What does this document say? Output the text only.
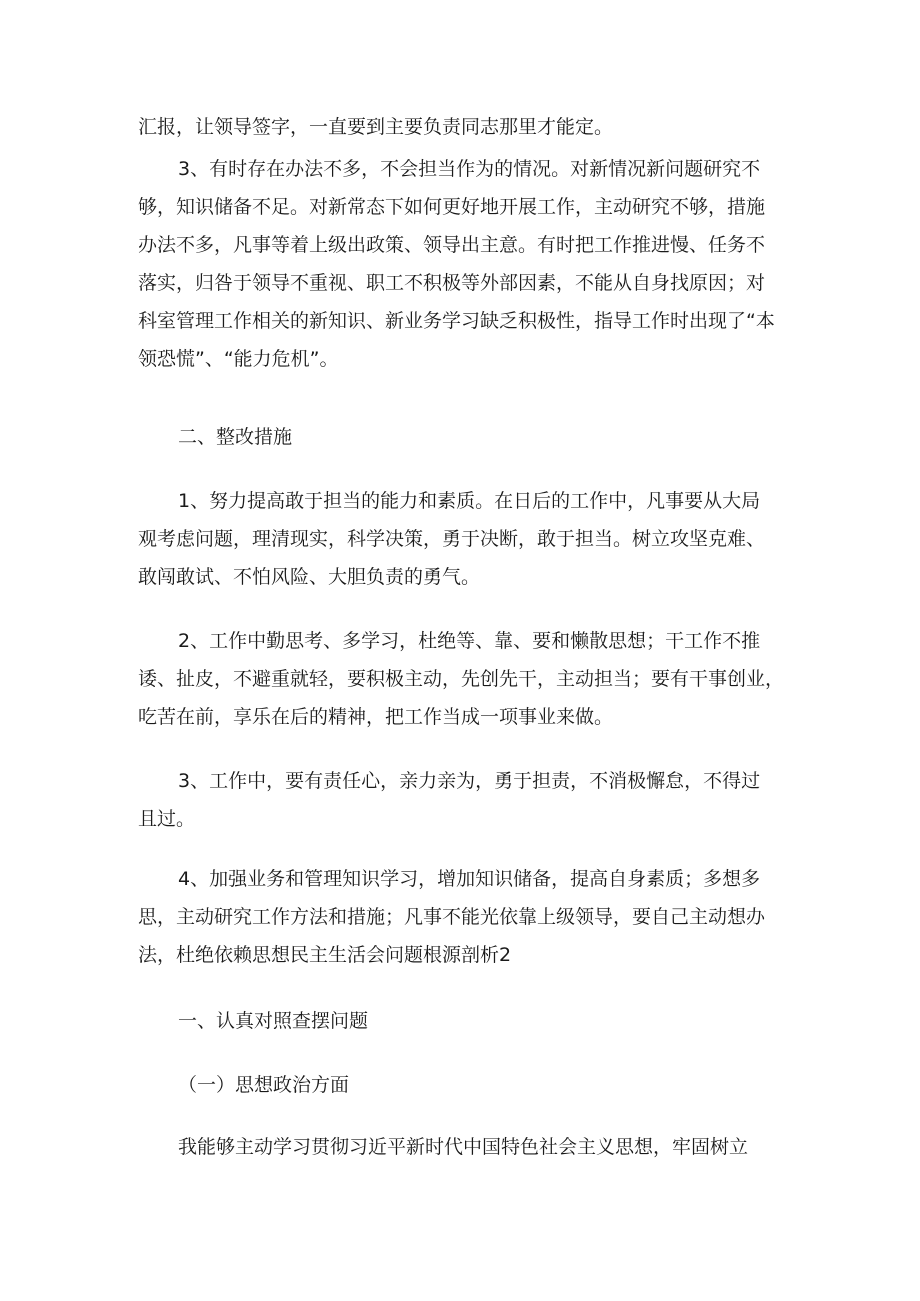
汇报，让领导签字，一直要到主要负责同志那里才能定。

3、有时存在办法不多，不会担当作为的情况。对新情况新问题研究不

够，知识储备不足。对新常态下如何更好地开展工作，主动研究不够，措施

办法不多，凡事等着上级出政策、领导出主意。有时把工作推进慢、任务不

落实，归咎于领导不重视、职工不积极等外部因素，不能从自身找原因；对

科室管理工作相关的新知识、新业务学习缺乏积极性，指导工作时出现了“本

领恐慌”、“能力危机”。

二、整改措施

1、努力提高敢于担当的能力和素质。在日后的工作中，凡事要从大局

观考虑问题，理清现实，科学决策，勇于决断，敢于担当。树立攻坚克难、

敢闯敢试、不怕风险、大胆负责的勇气。

2、工作中勤思考、多学习，杜绝等、靠、要和懒散思想；干工作不推

诿、扯皮，不避重就轻，要积极主动，先创先干，主动担当；要有干事创业，

吃苦在前，享乐在后的精神，把工作当成一项事业来做。

3、工作中，要有责任心，亲力亲为，勇于担责，不消极懈怠，不得过

且过。

4、加强业务和管理知识学习，增加知识储备，提高自身素质；多想多

思，主动研究工作方法和措施；凡事不能光依靠上级领导，要自己主动想办

法，杜绝依赖思想民主生活会问题根源剖析2

一、认真对照查摆问题

（一）思想政治方面

我能够主动学习贯彻习近平新时代中国特色社会主义思想，牢固树立
